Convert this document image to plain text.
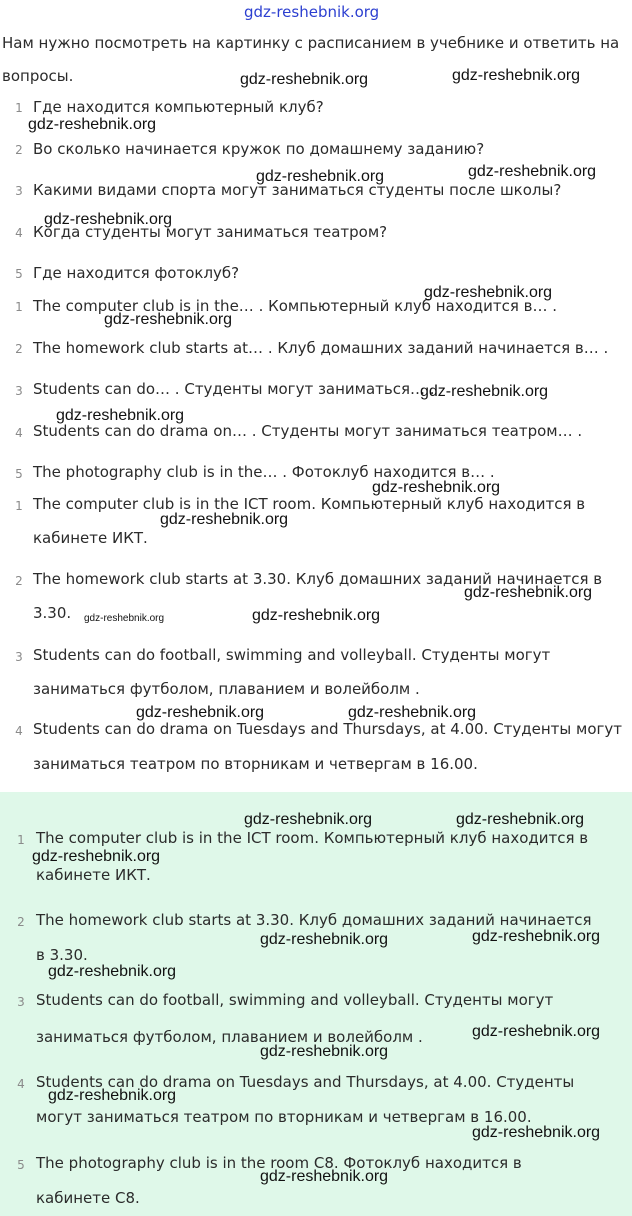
gdz-reshebnik.org
Нам нужно посмотреть на картинку с расписанием в учебнике и ответить на
вопросы.
1 Где находится компьютерный клуб?
2 Во сколько начинается кружок по домашнему заданию?
3 Какими видами спорта могут заниматься студенты после школы?
4 Когда студенты могут заниматься театром?
5 Где находится фотоклуб?
1 The computer club is in the… . Компьютерный клуб находится в… .
2 The homework club starts at… . Клуб домашних заданий начинается в… .
3 Students can do… . Студенты могут заниматься… .
4 Students can do drama on… . Студенты могут заниматься театром… .
5 The photography club is in the… . Фотоклуб находится в… .
1 The computer club is in the ICT room. Компьютерный клуб находится в
кабинете ИКТ.
2 The homework club starts at 3.30. Клуб домашних заданий начинается в
3.30.
3 Students can do football, swimming and volleyball. Студенты могут
заниматься футболом, плаванием и волейболм .
4 Students can do drama on Tuesdays and Thursdays, at 4.00. Студенты могут
заниматься театром по вторникам и четвергам в 16.00.
1 The computer club is in the ICT room. Компьютерный клуб находится в
кабинете ИКТ.
2 The homework club starts at 3.30. Клуб домашних заданий начинается
в 3.30.
3 Students can do football, swimming and volleyball. Студенты могут
заниматься футболом, плаванием и волейболм .
4 Students can do drama on Tuesdays and Thursdays, at 4.00. Студенты
могут заниматься театром по вторникам и четвергам в 16.00.
5 The photography club is in the room C8. Фотоклуб находится в
кабинете C8.
gdz-reshebnik.org	gdz-reshebnik.org
gdz-reshebnik.org
gdz-reshebnik.org	gdz-reshebnik.org
gdz-reshebnik.org
gdz-reshebnik.org
gdz-reshebnik.org
gdz-reshebnik.org
gdz-reshebnik.org
gdz-reshebnik.org
gdz-reshebnik.org
gdz-reshebnik.org
gdz-reshebnik.org	gdz-reshebnik.org
gdz-reshebnik.org	gdz-reshebnik.org
gdz-reshebnik.org	gdz-reshebnik.org
gdz-reshebnik.org
gdz-reshebnik.org	gdz-reshebnik.org
gdz-reshebnik.org
gdz-reshebnik.org
gdz-reshebnik.org
gdz-reshebnik.org
gdz-reshebnik.org
gdz-reshebnik.org
